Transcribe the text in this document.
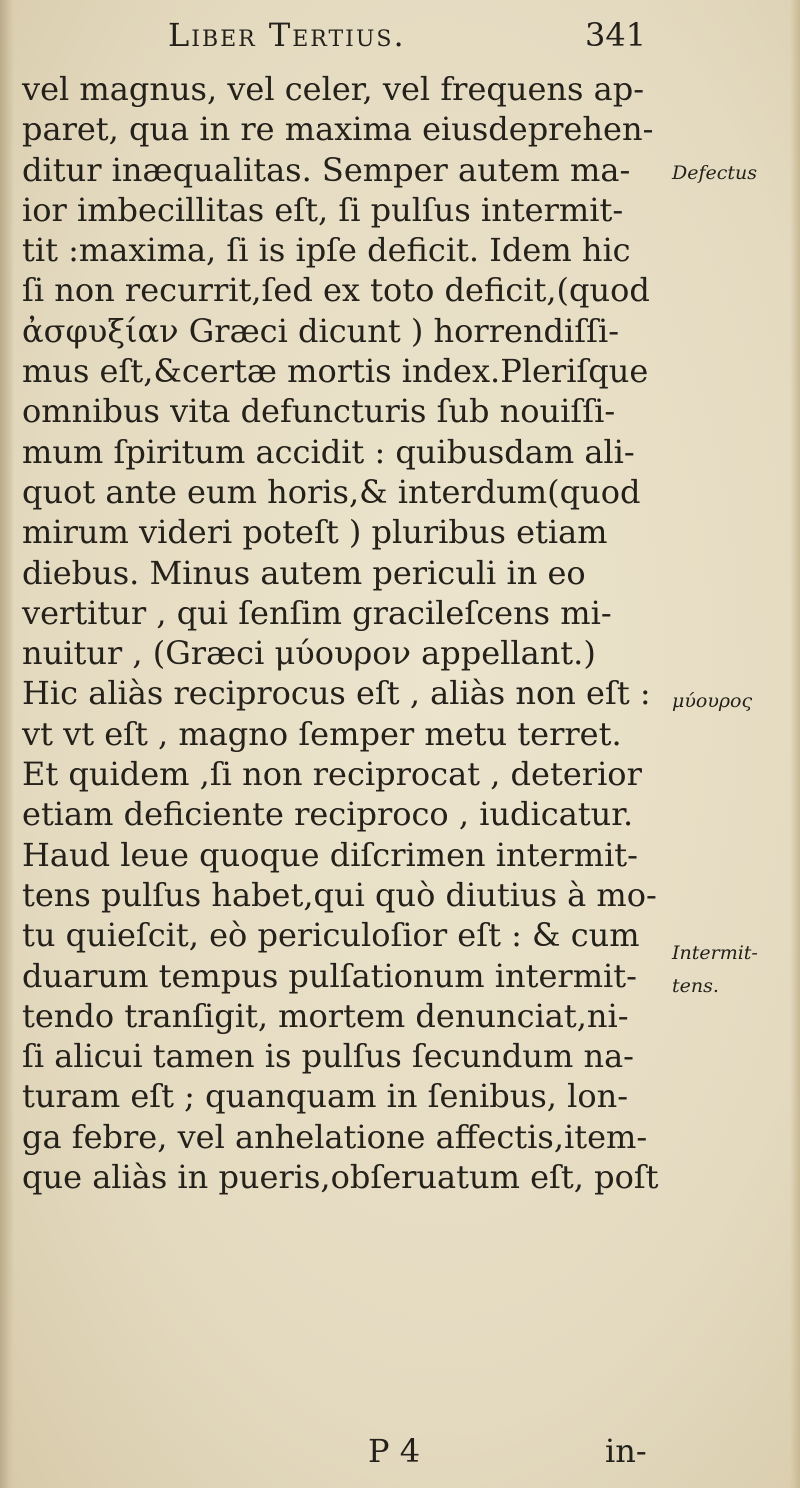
Liber Tertius.	341
vel magnus, vel celer, vel frequens ap-
paret, qua in re maxima eiusdeprehen-
ditur inæqualitas. Semper autem ma-
ior imbecillitas eſt, ſi pulſus intermit-
tit :maxima, ſi is ipſe deficit. Idem hic
ſi non recurrit,ſed ex toto deficit,(quod
ἀσφυξίαν Græci dicunt ) horrendiſſi-
mus eſt,&certæ mortis index.Pleriſque
omnibus vita defuncturis ſub nouiſſi-
mum ſpiritum accidit : quibusdam ali-
quot ante eum horis,& interdum(quod
mirum videri poteſt ) pluribus etiam
diebus. Minus autem periculi in eo
vertitur , qui ſenſim gracileſcens mi-
nuitur , (Græci μύουρον appellant.)
Hic aliàs reciprocus eſt , aliàs non eſt :
vt vt eſt , magno ſemper metu terret.
Et quidem ,ſi non reciprocat , deterior
etiam deficiente reciproco , iudicatur.
Haud leue quoque diſcrimen intermit-
tens pulſus habet,qui quò diutius à mo-
tu quieſcit, eò periculoſior eſt : & cum
duarum tempus pulſationum intermit-
tendo tranſigit, mortem denunciat,ni-
ſi alicui tamen is pulſus ſecundum na-
turam eſt ; quanquam in ſenibus, lon-
ga febre, vel anhelatione affectis,item-
que aliàs in pueris,obſeruatum eſt, poſt
Defectus
μύουρος
Intermit-
tens.
P 4	in-
